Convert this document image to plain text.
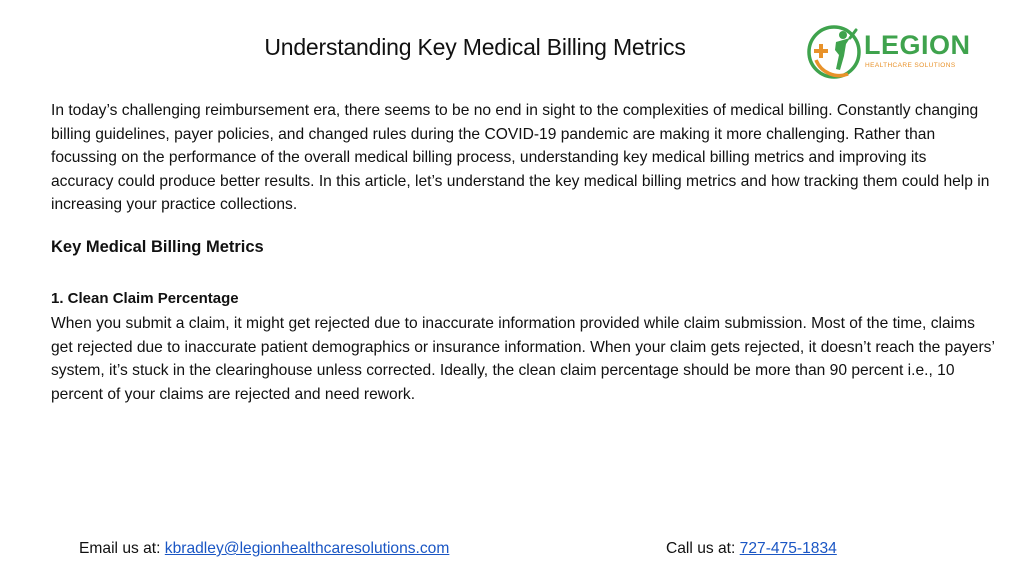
Understanding Key Medical Billing Metrics	LEGION
HEALTHCARE SOLUTIONS

In today’s challenging reimbursement era, there seems to be no end in sight to the complexities of medical billing. Constantly changing billing guidelines, payer policies, and changed rules during the COVID-19 pandemic are making it more challenging. Rather than focussing on the performance of the overall medical billing process, understanding key medical billing metrics and improving its accuracy could produce better results. In this article, let’s understand the key medical billing metrics and how tracking them could help in increasing your practice collections.

Key Medical Billing Metrics
1. Clean Claim Percentage
When you submit a claim, it might get rejected due to inaccurate information provided while claim submission. Most of the time, claims get rejected due to inaccurate patient demographics or insurance information. When your claim gets rejected, it doesn’t reach the payers’ system, it’s stuck in the clearinghouse unless corrected. Ideally, the clean claim percentage should be more than 90 percent i.e., 10 percent of your claims are rejected and need rework.
Email us at: kbradley@legionhealthcaresolutions.com	Call us at: 727-475-1834
